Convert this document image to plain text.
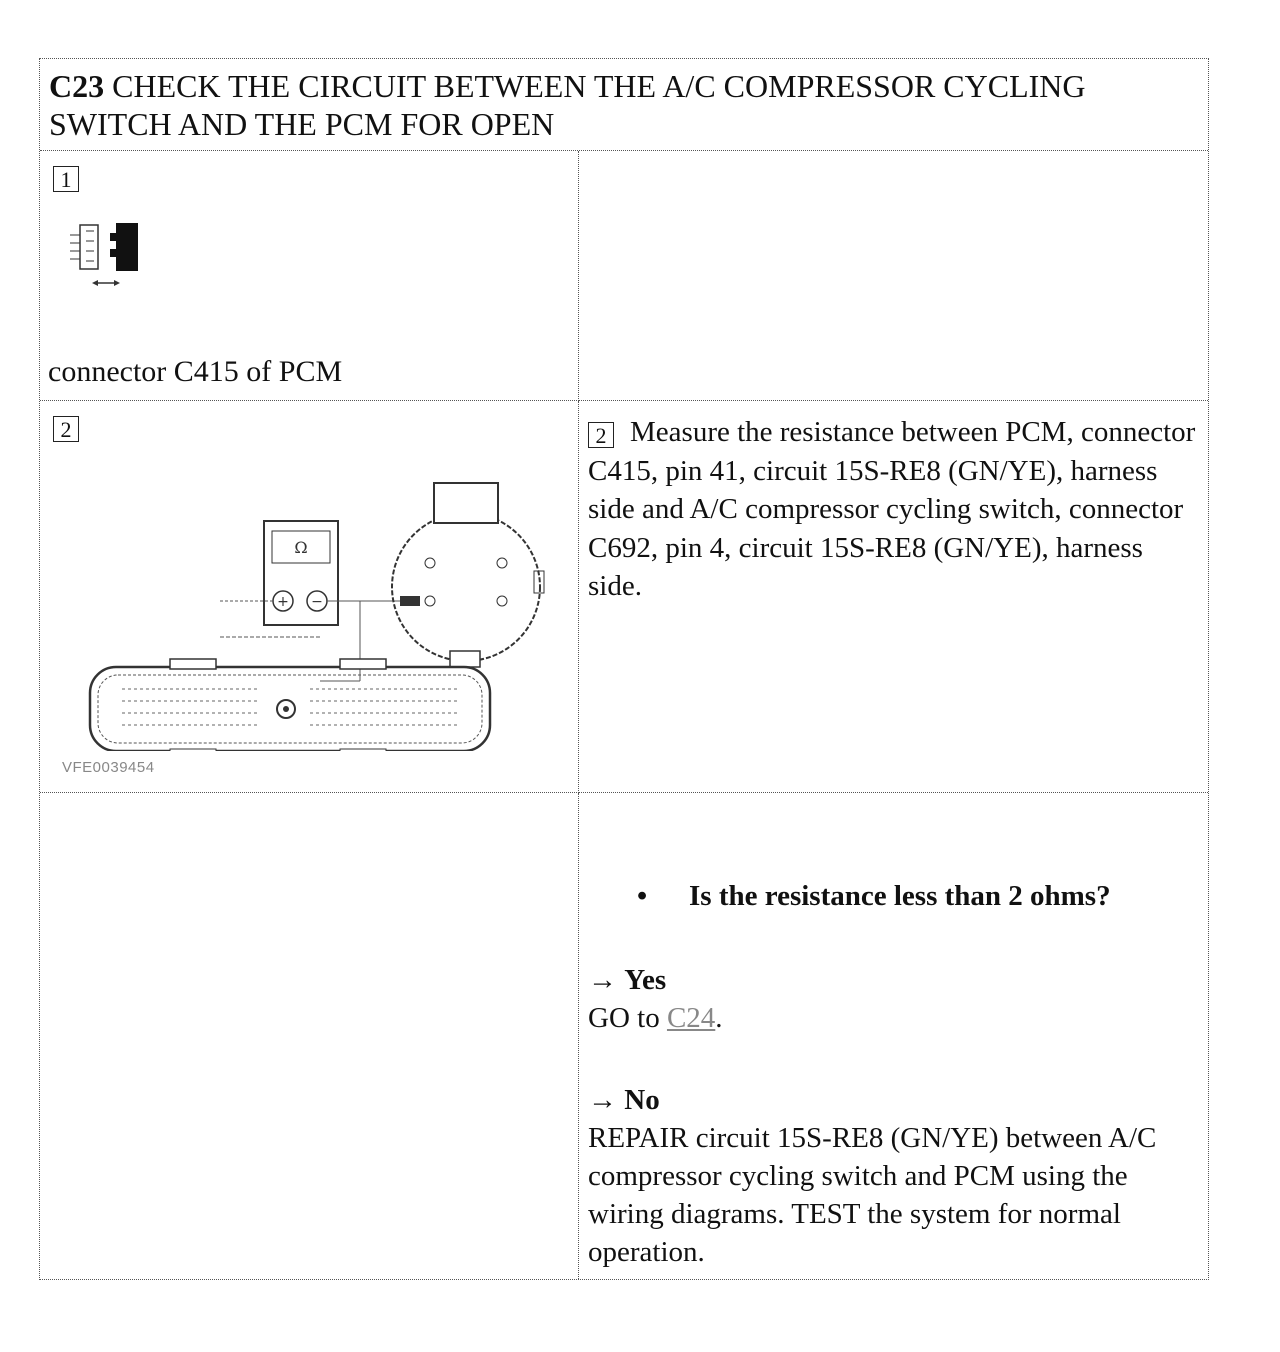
C23 CHECK THE CIRCUIT BETWEEN THE A/C COMPRESSOR CYCLING SWITCH AND THE PCM FOR OPEN
1
connector C415 of PCM
2
Ω
+ −
VFE0039454
2 Measure the resistance between PCM, connector C415, pin 41, circuit 15S-RE8 (GN/YE), harness side and A/C compressor cycling switch, connector C692, pin 4, circuit 15S-RE8 (GN/YE), harness side.
• Is the resistance less than 2 ohms?
→ Yes
GO to C24.
→ No
REPAIR circuit 15S-RE8 (GN/YE) between A/C compressor cycling switch and PCM using the wiring diagrams. TEST the system for normal operation.
